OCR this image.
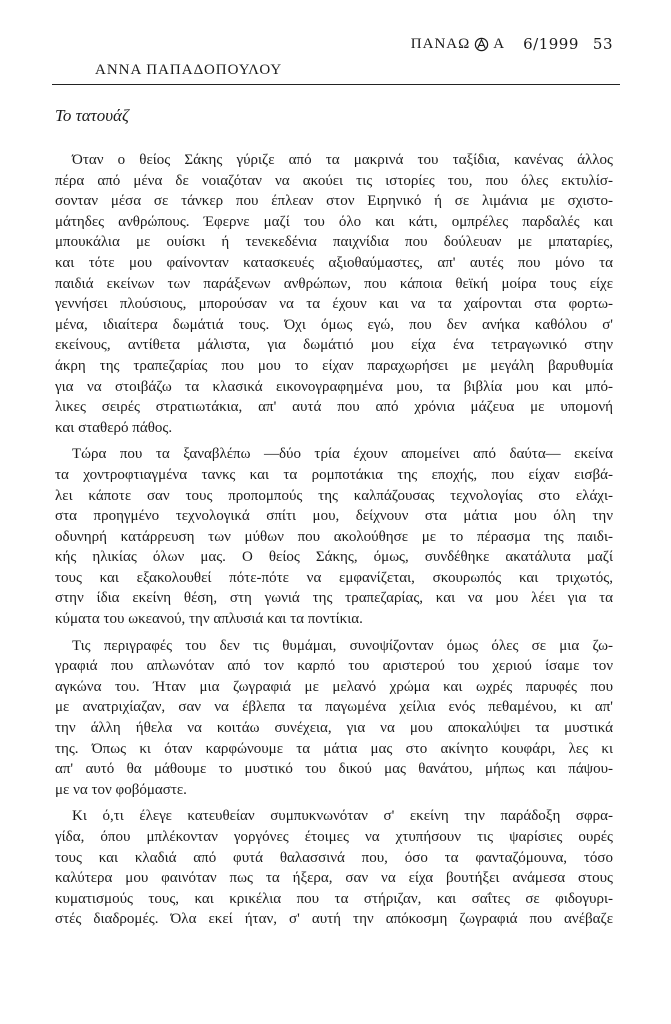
ΠΑΝΑΩ Α 6/1999 53
ΑΝΝΑ ΠΑΠΑΔΟΠΟΥΛΟΥ
Το τατουάζ
Όταν ο θείος Σάκης γύριζε από τα μακρινά του ταξίδια, κανένας άλλος
πέρα από μένα δε νοιαζόταν να ακούει τις ιστορίες του, που όλες εκτυλίσ-
σονταν μέσα σε τάνκερ που έπλεαν στον Ειρηνικό ή σε λιμάνια με σχιστο-
μάτηδες ανθρώπους. Έφερνε μαζί του όλο και κάτι, ομπρέλες παρδαλές και
μπουκάλια με ουίσκι ή τενεκεδένια παιχνίδια που δούλευαν με μπαταρίες,
και τότε μου φαίνονταν κατασκευές αξιοθαύμαστες, απ' αυτές που μόνο τα
παιδιά εκείνων των παράξενων ανθρώπων, που κάποια θεϊκή μοίρα τους είχε
γεννήσει πλούσιους, μπορούσαν να τα έχουν και να τα χαίρονται στα φορτω-
μένα, ιδιαίτερα δωμάτιά τους. Όχι όμως εγώ, που δεν ανήκα καθόλου σ'
εκείνους, αντίθετα μάλιστα, για δωμάτιό μου είχα ένα τετραγωνικό στην
άκρη της τραπεζαρίας που μου το είχαν παραχωρήσει με μεγάλη βαρυθυμία
για να στοιβάζω τα κλασικά εικονογραφημένα μου, τα βιβλία μου και μπό-
λικες σειρές στρατιωτάκια, απ' αυτά που από χρόνια μάζευα με υπομονή
και σταθερό πάθος.
Τώρα που τα ξαναβλέπω —δύο τρία έχουν απομείνει από δαύτα— εκείνα
τα χοντροφτιαγμένα τανκς και τα ρομποτάκια της εποχής, που είχαν εισβά-
λει κάποτε σαν τους προπομπούς της καλπάζουσας τεχνολογίας στο ελάχι-
στα προηγμένο τεχνολογικά σπίτι μου, δείχνουν στα μάτια μου όλη την
οδυνηρή κατάρρευση των μύθων που ακολούθησε με το πέρασμα της παιδι-
κής ηλικίας όλων μας. Ο θείος Σάκης, όμως, συνδέθηκε ακατάλυτα μαζί
τους και εξακολουθεί πότε-πότε να εμφανίζεται, σκουρωπός και τριχωτός,
στην ίδια εκείνη θέση, στη γωνιά της τραπεζαρίας, και να μου λέει για τα
κύματα του ωκεανού, την απλυσιά και τα ποντίκια.
Τις περιγραφές του δεν τις θυμάμαι, συνοψίζονταν όμως όλες σε μια ζω-
γραφιά που απλωνόταν από τον καρπό του αριστερού του χεριού ίσαμε τον
αγκώνα του. Ήταν μια ζωγραφιά με μελανό χρώμα και ωχρές παρυφές που
με ανατριχίαζαν, σαν να έβλεπα τα παγωμένα χείλια ενός πεθαμένου, κι απ'
την άλλη ήθελα να κοιτάω συνέχεια, για να μου αποκαλύψει τα μυστικά
της. Όπως κι όταν καρφώνουμε τα μάτια μας στο ακίνητο κουφάρι, λες κι
απ' αυτό θα μάθουμε το μυστικό του δικού μας θανάτου, μήπως και πάψου-
με να τον φοβόμαστε.
Κι ό,τι έλεγε κατευθείαν συμπυκνωνόταν σ' εκείνη την παράδοξη σφρα-
γίδα, όπου μπλέκονταν γοργόνες έτοιμες να χτυπήσουν τις ψαρίσιες ουρές
τους και κλαδιά από φυτά θαλασσινά που, όσο τα φανταζόμουνα, τόσο
καλύτερα μου φαινόταν πως τα ήξερα, σαν να είχα βουτήξει ανάμεσα στους
κυματισμούς τους, και κρικέλια που τα στήριζαν, και σαΐτες σε φιδογυρι-
στές διαδρομές. Όλα εκεί ήταν, σ' αυτή την απόκοσμη ζωγραφιά που ανέβαζε
